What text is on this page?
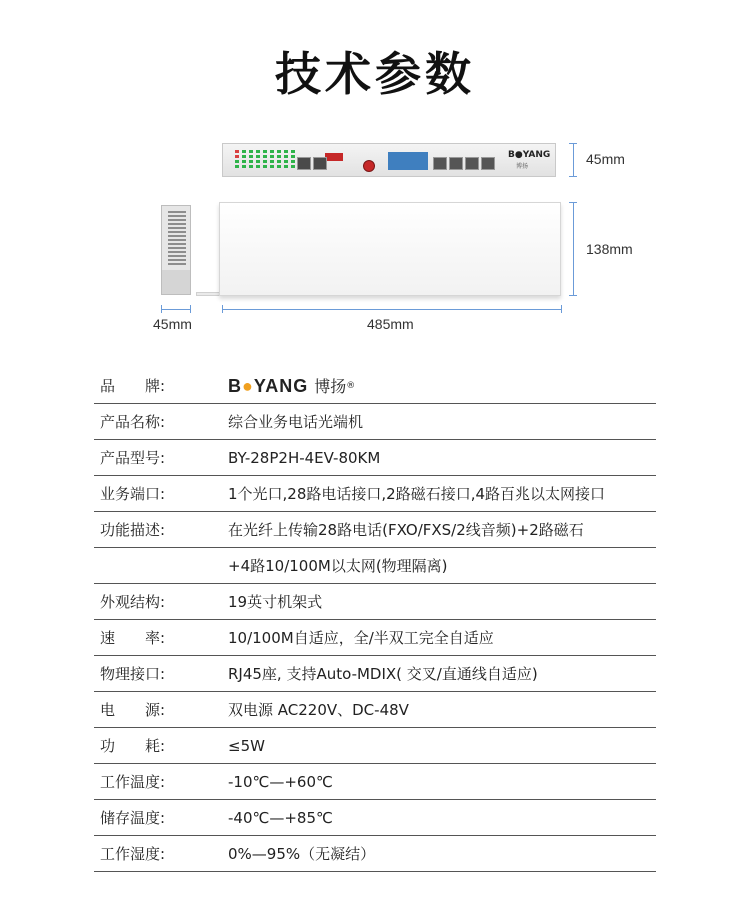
技术参数
B●YANG
博扬	45mm
138mm
45mm	485mm
品　　牌:	B●YANG 博扬®
产品名称:	综合业务电话光端机
产品型号:	BY-28P2H-4EV-80KM
业务端口:	1个光口,28路电话接口,2路磁石接口,4路百兆以太网接口
功能描述:	在光纤上传输28路电话(FXO/FXS/2线音频)+2路磁石
+4路10/100M以太网(物理隔离)
外观结构:	19英寸机架式
速　　率:	10/100M自适应，全/半双工完全自适应
物理接口:	RJ45座, 支持Auto-MDIX( 交叉/直通线自适应)
电　　源:	双电源 AC220V、DC-48V
功　　耗:	≤5W
工作温度:	-10℃—+60℃
储存温度:	-40℃—+85℃
工作湿度:	0%—95%（无凝结）
